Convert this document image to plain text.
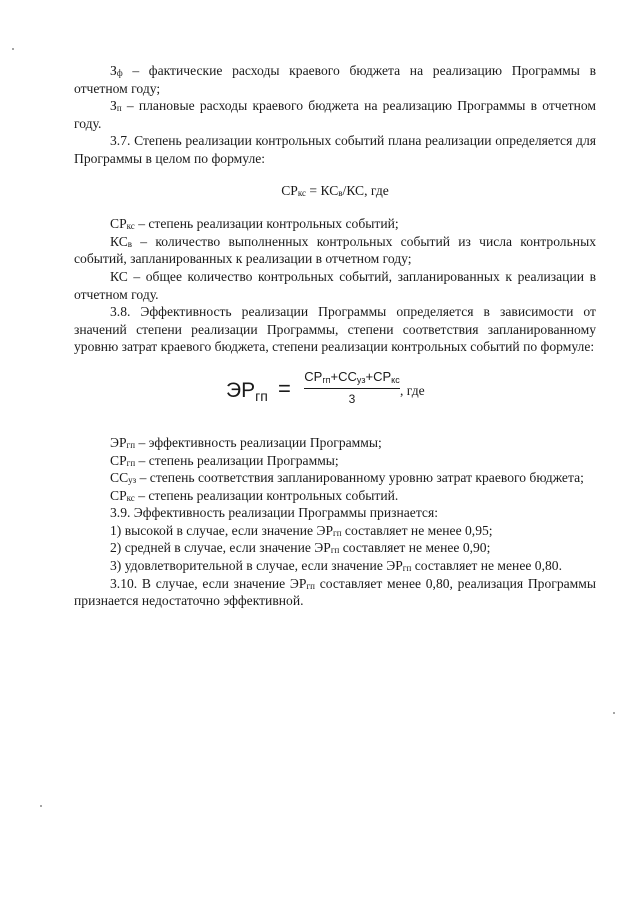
$З_ф$ – фактические расходы краевого бюджета на реализацию Программы в отчетном году;

$З_п$ – плановые расходы краевого бюджета на реализацию Программы в отчетном году.

3.7. Степень реализации контрольных событий плана реализации определяется для Программы в целом по формуле:

$СР_{кс} = КС_в/КС$, где

$СР_{кс}$ – степень реализации контрольных событий;

$КС_в$ – количество выполненных контрольных событий из числа контрольных событий, запланированных к реализации в отчетном году;

КС – общее количество контрольных событий, запланированных к реализации в отчетном году.

3.8. Эффективность реализации Программы определяется в зависимости от значений степени реализации Программы, степени соответствия запланированному уровню затрат краевого бюджета, степени реализации контрольных событий по формуле:

$ЭР_{гп} = СР_{гп}+СС_{уз}+СР_{кс}$
3
, где

$ЭР_{гп}$ – эффективность реализации Программы;

$СР_{гп}$ – степень реализации Программы;

$СС_{уз}$ – степень соответствия запланированному уровню затрат краевого бюджета;

$СР_{кс}$ – степень реализации контрольных событий.

3.9. Эффективность реализации Программы признается:

1) высокой в случае, если значение $ЭР_{гп}$ составляет не менее 0,95;

2) средней в случае, если значение $ЭР_{гп}$ составляет не менее 0,90;

3) удовлетворительной в случае, если значение $ЭР_{гп}$ составляет не менее 0,80.

3.10. В случае, если значение $ЭР_{гп}$ составляет менее 0,80, реализация Программы признается недостаточно эффективной.
